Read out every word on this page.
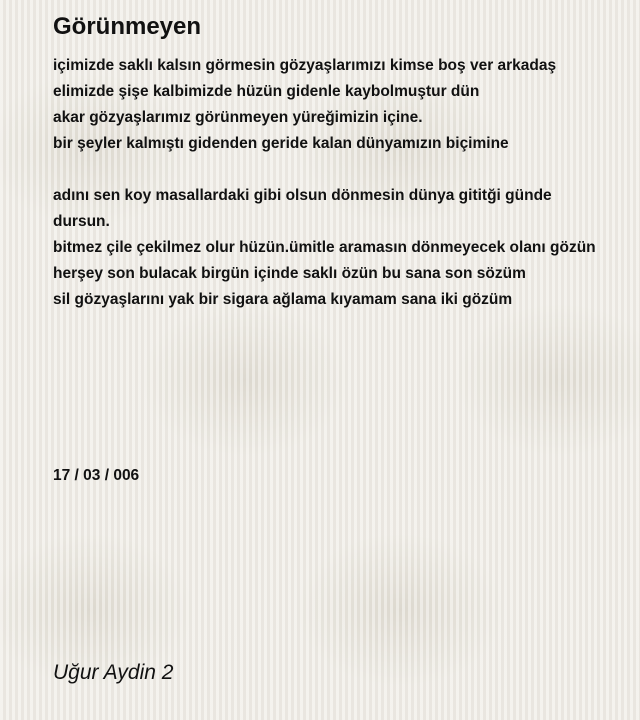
Görünmeyen
içimizde saklı kalsın görmesin gözyaşlarımızı kimse boş ver arkadaş
elimizde şişe kalbimizde hüzün gidenle kaybolmuştur dün
akar gözyaşlarımız görünmeyen yüreğimizin içine.
bir şeyler kalmıştı gidenden geride kalan dünyamızın biçimine
adını sen koy masallardaki gibi olsun dönmesin dünya gititği günde
dursun.
bitmez çile çekilmez olur hüzün.ümitle aramasın dönmeyecek olanı gözün
herşey son bulacak birgün içinde saklı özün bu sana son sözüm
sil gözyaşlarını yak bir sigara ağlama kıyamam sana iki gözüm
17 / 03 / 006
Uğur Aydin 2
